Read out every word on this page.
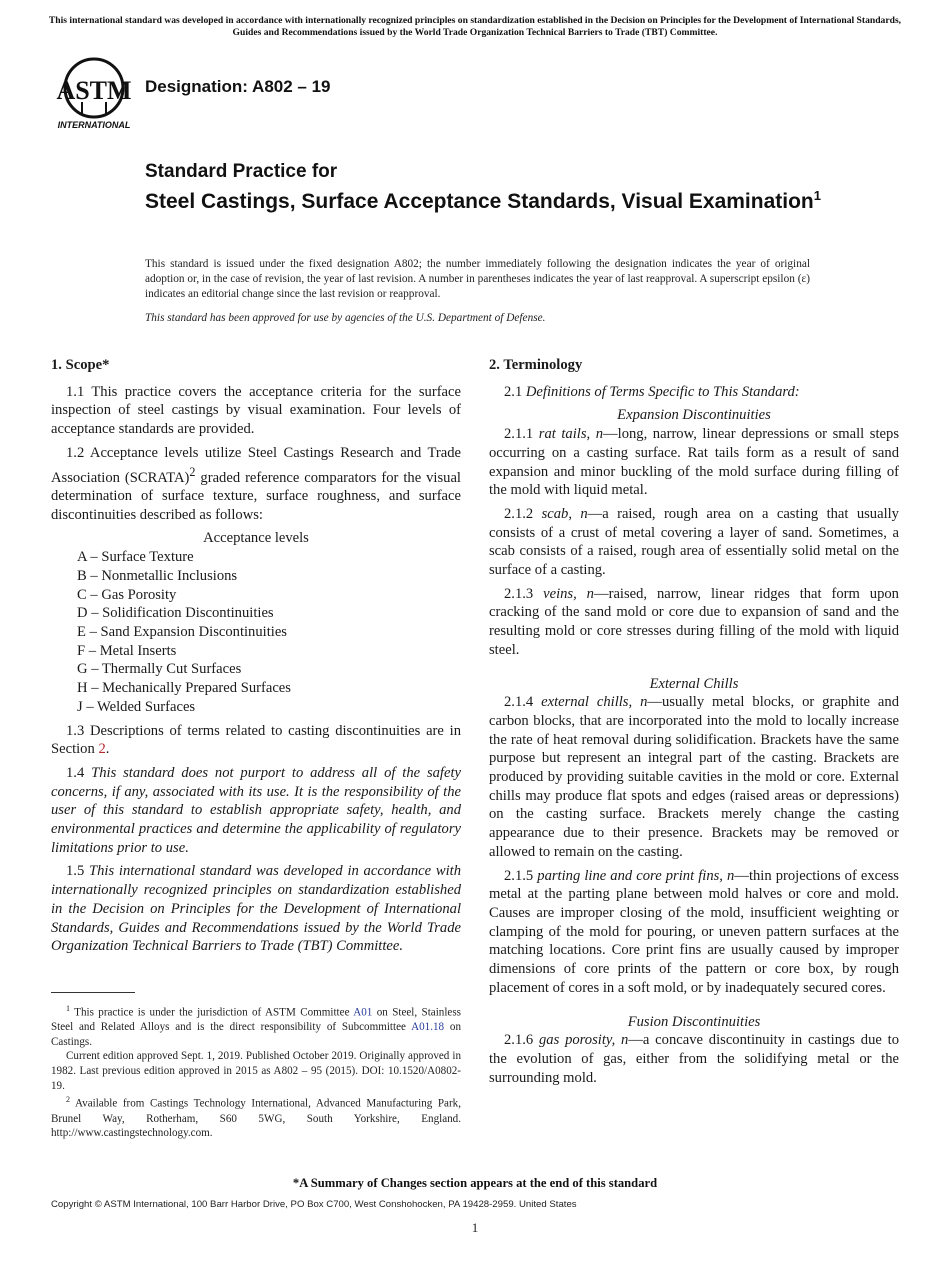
This international standard was developed in accordance with internationally recognized principles on standardization established in the Decision on Principles for the Development of International Standards, Guides and Recommendations issued by the World Trade Organization Technical Barriers to Trade (TBT) Committee.
ASTM
INTERNATIONAL
Designation: A802 – 19
Standard Practice for
Steel Castings, Surface Acceptance Standards, Visual Examination$^1$
This standard is issued under the fixed designation A802; the number immediately following the designation indicates the year of original adoption or, in the case of revision, the year of last revision. A number in parentheses indicates the year of last reapproval. A superscript epsilon (ε) indicates an editorial change since the last revision or reapproval.
This standard has been approved for use by agencies of the U.S. Department of Defense.
1. Scope*

1.1 This practice covers the acceptance criteria for the surface inspection of steel castings by visual examination. Four levels of acceptance standards are provided.

1.2 Acceptance levels utilize Steel Castings Research and Trade Association (SCRATA)$^2$ graded reference comparators for the visual determination of surface texture, surface roughness, and surface discontinuities described as follows:

Acceptance levels
A – Surface Texture
B – Nonmetallic Inclusions
C – Gas Porosity
D – Solidification Discontinuities
E – Sand Expansion Discontinuities
F – Metal Inserts
G – Thermally Cut Surfaces
H – Mechanically Prepared Surfaces
J – Welded Surfaces

1.3 Descriptions of terms related to casting discontinuities are in Section 2.

1.4 This standard does not purport to address all of the safety concerns, if any, associated with its use. It is the responsibility of the user of this standard to establish appropriate safety, health, and environmental practices and determine the applicability of regulatory limitations prior to use.

1.5 This international standard was developed in accordance with internationally recognized principles on standardization established in the Decision on Principles for the Development of International Standards, Guides and Recommendations issued by the World Trade Organization Technical Barriers to Trade (TBT) Committee.

2. Terminology

2.1 Definitions of Terms Specific to This Standard:

Expansion Discontinuities

2.1.1 rat tails, n—long, narrow, linear depressions or small steps occurring on a casting surface. Rat tails form as a result of sand expansion and minor buckling of the mold surface during filling of the mold with liquid metal.

2.1.2 scab, n—a raised, rough area on a casting that usually consists of a crust of metal covering a layer of sand. Sometimes, a scab consists of a raised, rough area of essentially solid metal on the surface of a casting.

2.1.3 veins, n—raised, narrow, linear ridges that form upon cracking of the sand mold or core due to expansion of sand and the resulting mold or core stresses during filling of the mold with liquid steel.

External Chills

2.1.4 external chills, n—usually metal blocks, or graphite and carbon blocks, that are incorporated into the mold to locally increase the rate of heat removal during solidification. Brackets have the same purpose but represent an integral part of the casting. Brackets are produced by providing suitable cavities in the mold or core. External chills may produce flat spots and edges (raised areas or depressions) on the casting surface. Brackets merely change the casting appearance due to their presence. Brackets may be removed or allowed to remain on the casting.

2.1.5 parting line and core print fins, n—thin projections of excess metal at the parting plane between mold halves or core and mold. Causes are improper closing of the mold, insufficient weighting or clamping of the mold for pouring, or uneven pattern surfaces at the matching locations. Core print fins are usually caused by improper dimensions of core prints of the pattern or core box, by rough placement of cores in a soft mold, or by inadequately secured cores.

Fusion Discontinuities

2.1.6 gas porosity, n—a concave discontinuity in castings due to the evolution of gas, either from the solidifying metal or the surrounding mold.

$^1$ This practice is under the jurisdiction of ASTM Committee A01 on Steel, Stainless Steel and Related Alloys and is the direct responsibility of Subcommittee A01.18 on Castings.

Current edition approved Sept. 1, 2019. Published October 2019. Originally approved in 1982. Last previous edition approved in 2015 as A802 – 95 (2015). DOI: 10.1520/A0802-19.

$^2$ Available from Castings Technology International, Advanced Manufacturing Park, Brunel Way, Rotherham, S60 5WG, South Yorkshire, England. http://www.castingstechnology.com.

*A Summary of Changes section appears at the end of this standard
Copyright © ASTM International, 100 Barr Harbor Drive, PO Box C700, West Conshohocken, PA 19428-2959. United States
1
